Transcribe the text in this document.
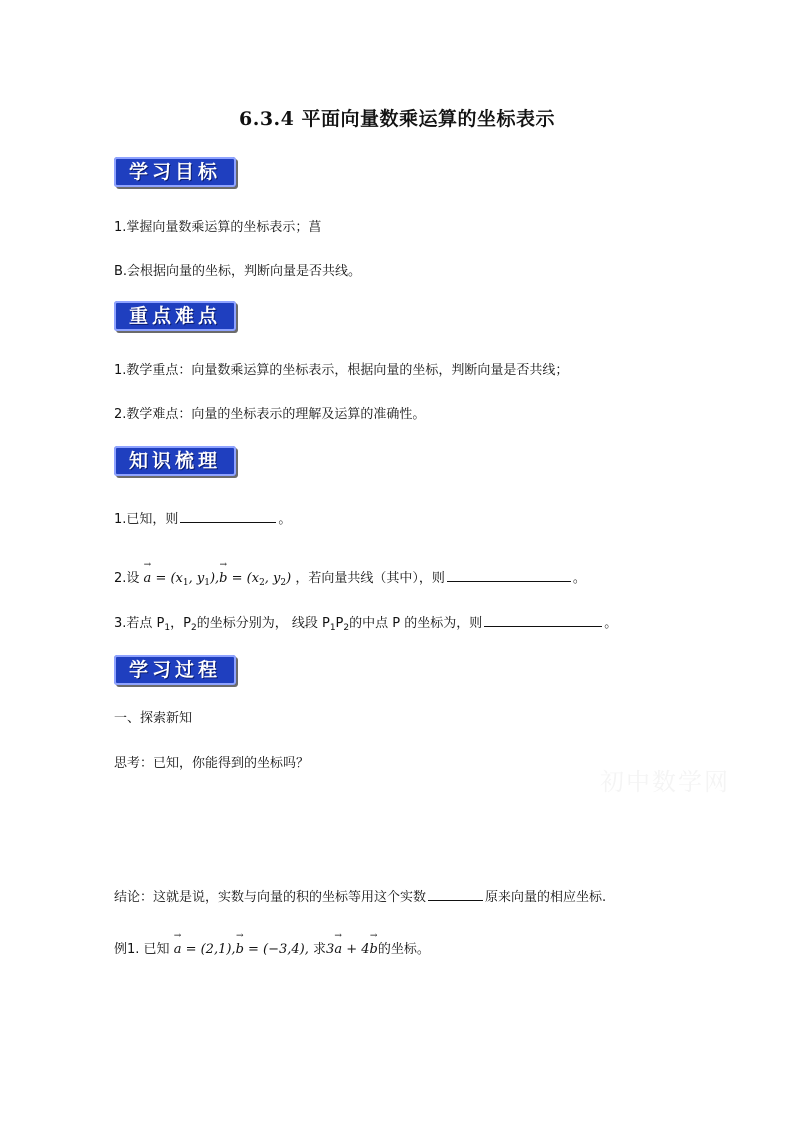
6.3.4 平面向量数乘运算的坐标表示
学习目标
1.掌握向量数乘运算的坐标表示；菖
B.会根据向量的坐标，判断向量是否共线。
重点难点
1.教学重点：向量数乘运算的坐标表示，根据向量的坐标，判断向量是否共线；
2.教学难点：向量的坐标表示的理解及运算的准确性。
知识梳理
1.已知，则	。
2.设 → $a = (x_1$, $y_1),\to b = (x_2$, $y_2$) ，若向量共线（其中），则	。
3.若点 $P_1$，$P_2$的坐标分别为， 线段 $P_1P_2$的中点 P 的坐标为，则	。
学习过程
一、探索新知
思考：已知，你能得到的坐标吗？
初中数学网
结论：这就是说，实数与向量的积的坐标等用这个实数	原来向量的相应坐标.
例1. 已知 → a = (2,1),→ b = (−3,4), 求3→ a + 4→ b的坐标。
